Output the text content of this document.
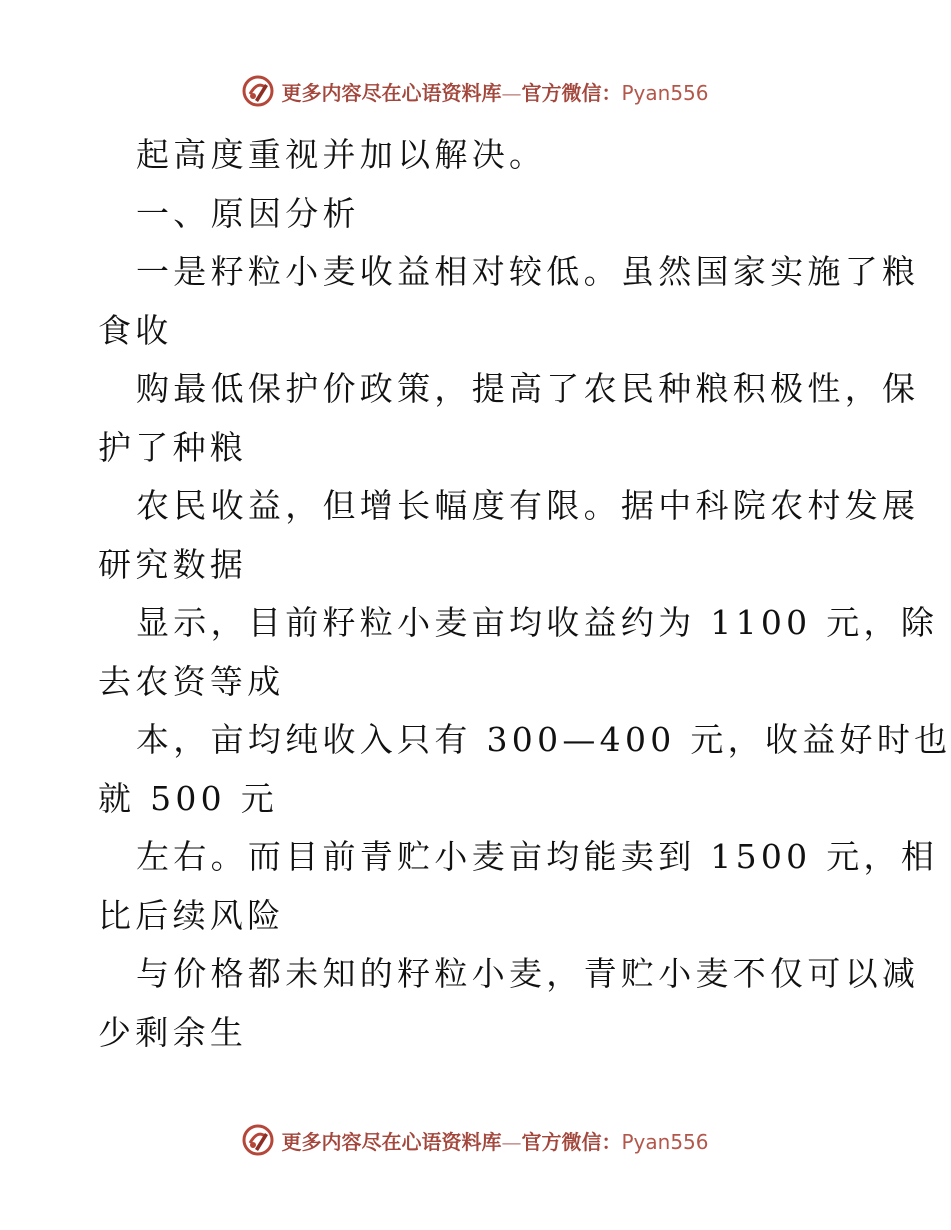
更多内容尽在心语资料库—官方微信：Pyan556
起高度重视并加以解决。
一、原因分析
一是籽粒小麦收益相对较低。虽然国家实施了粮
食收
购最低保护价政策，提高了农民种粮积极性，保
护了种粮
农民收益，但增长幅度有限。据中科院农村发展
研究数据
显示，目前籽粒小麦亩均收益约为 1100 元，除
去农资等成
本，亩均纯收入只有 300—400 元，收益好时也
就 500 元
左右。而目前青贮小麦亩均能卖到 1500 元，相
比后续风险
与价格都未知的籽粒小麦，青贮小麦不仅可以减
少剩余生
更多内容尽在心语资料库—官方微信：Pyan556
